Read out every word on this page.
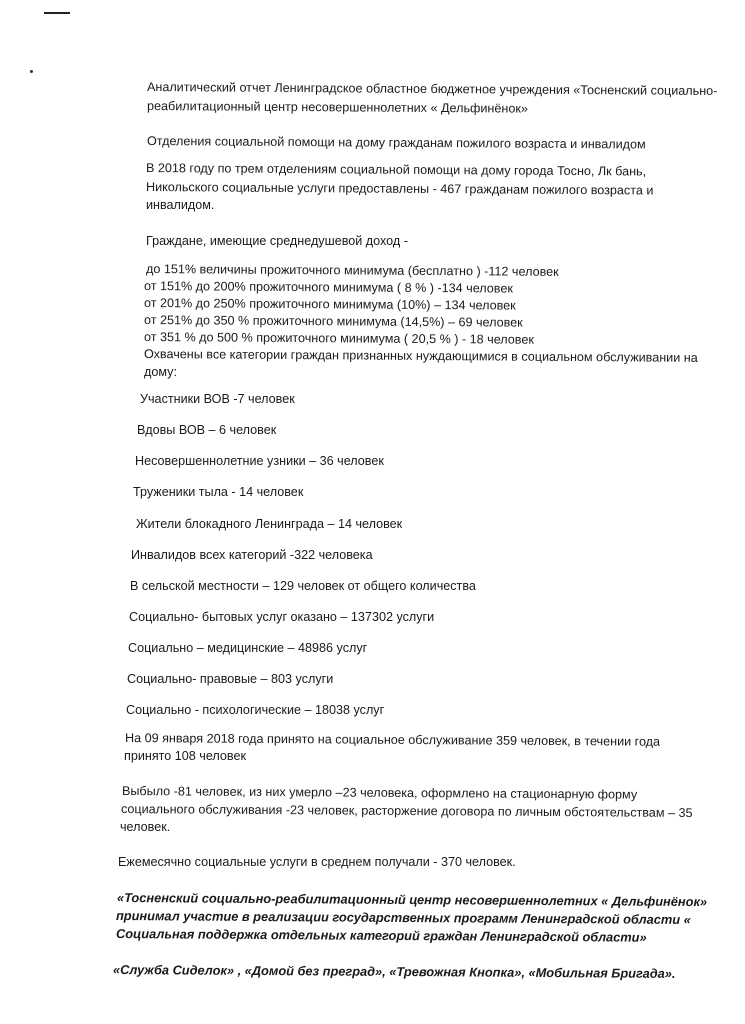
Аналитический отчет Ленинградское областное бюджетное учреждения «Тосненский социально-
реабилитационный центр несовершеннолетних « Дельфинёнок»
Отделения социальной помощи на дому гражданам пожилого возраста и инвалидом
В 2018 году по трем отделениям социальной помощи на дому города Тосно, Лк бань,
Никольского социальные услуги предоставлены - 467 гражданам пожилого возраста и
инвалидом.
Граждане, имеющие среднедушевой доход -
до 151% величины прожиточного минимума (бесплатно ) -112 человек
от 151% до 200% прожиточного минимума ( 8 % ) -134 человек
от 201% до 250% прожиточного минимума (10%) – 134 человек
от 251% до 350 % прожиточного минимума (14,5%) – 69 человек
от 351 % до 500 % прожиточного минимума ( 20,5 % ) - 18 человек
Охвачены все категории граждан признанных нуждающимися в социальном обслуживании на
дому:
Участники ВОВ -7 человек
Вдовы ВОВ – 6 человек
Несовершеннолетние узники – 36 человек
Труженики тыла - 14 человек
Жители блокадного Ленинграда – 14 человек
Инвалидов всех категорий -322 человека
В сельской местности – 129 человек от общего количества
Социально- бытовых услуг оказано – 137302 услуги
Социально – медицинские – 48986 услуг
Социально- правовые – 803 услуги
Социально - психологические – 18038 услуг
На 09 января 2018 года принято на социальное обслуживание 359 человек, в течении года
принято 108 человек
Выбыло -81 человек, из них умерло –23 человека, оформлено на стационарную форму
социального обслуживания -23 человек, расторжение договора по личным обстоятельствам – 35
человек.
Ежемесячно социальные услуги в среднем получали - 370 человек.
«Тосненский социально-реабилитационный центр несовершеннолетних « Дельфинёнок»
принимал участие в реализации государственных программ Ленинградской области «
Социальная поддержка отдельных категорий граждан Ленинградской области»
«Служба Сиделок» , «Домой без преград», «Тревожная Кнопка», «Мобильная Бригада».
